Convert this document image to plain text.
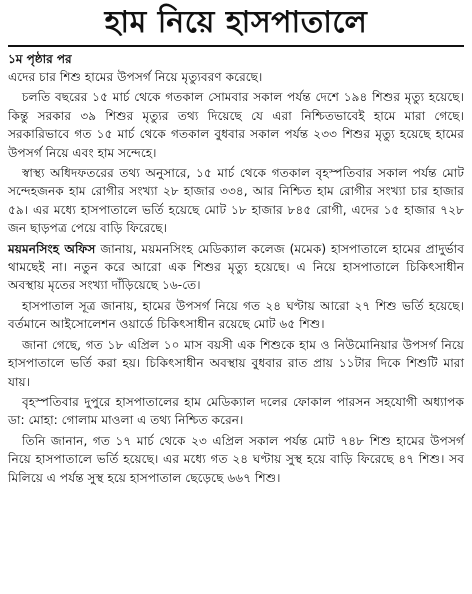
হাম নিয়ে হাসপাতালে
১ম পৃষ্ঠার পর

এদের চার শিশু হামের উপসর্গ নিয়ে মৃত্যুবরণ করেছে।

চলতি বছরের ১৫ মার্চ থেকে গতকাল সোমবার সকাল পর্যন্ত দেশে ১৯৪ শিশুর মৃত্যু হয়েছে। কিন্তু সরকার ৩৯ শিশুর মৃত্যুর তথ্য দিয়েছে যে এরা নিশ্চিতভাবেই হামে মারা গেছে। সরকারিভাবে গত ১৫ মার্চ থেকে গতকাল বুধবার সকাল পর্যন্ত ২৩৩ শিশুর মৃত্যু হয়েছে হামের উপসর্গ নিয়ে এবং হাম সন্দেহে।

স্বাস্থ্য অধিদফতরের তথ্য অনুসারে, ১৫ মার্চ থেকে গতকাল বৃহস্পতিবার সকাল পর্যন্ত মোট সন্দেহজনক হাম রোগীর সংখ্যা ২৮ হাজার ৩৩৪, আর নিশ্চিত হাম রোগীর সংখ্যা চার হাজার ৫৯। এর মধ্যে হাসপাতালে ভর্তি হয়েছে মোট ১৮ হাজার ৮৪৫ রোগী, এদের ১৫ হাজার ৭২৮ জন ছাড়পত্র পেয়ে বাড়ি ফিরেছে।

ময়মনসিংহ অফিস জানায়, ময়মনসিংহ মেডিক্যাল কলেজ (মমেক) হাসপাতালে হামের প্রাদুর্ভাব থামছেই না। নতুন করে আরো এক শিশুর মৃত্যু হয়েছে। এ নিয়ে হাসপাতালে চিকিৎসাধীন অবস্থায় মৃতের সংখ্যা দাঁড়িয়েছে ১৬-তে।

হাসপাতাল সূত্র জানায়, হামের উপসর্গ নিয়ে গত ২৪ ঘণ্টায় আরো ২৭ শিশু ভর্তি হয়েছে। বর্তমানে আইসোলেশন ওয়ার্ডে চিকিৎসাধীন রয়েছে মোট ৬৫ শিশু।

জানা গেছে, গত ১৮ এপ্রিল ১০ মাস বয়সী এক শিশুকে হাম ও নিউমোনিয়ার উপসর্গ নিয়ে হাসপাতালে ভর্তি করা হয়। চিকিৎসাধীন অবস্থায় বুধবার রাত প্রায় ১১টার দিকে শিশুটি মারা যায়।

বৃহস্পতিবার দুপুরে হাসপাতালের হাম মেডিক্যাল দলের ফোকাল পারসন সহযোগী অধ্যাপক ডা: মোহা: গোলাম মাওলা এ তথ্য নিশ্চিত করেন।

তিনি জানান, গত ১৭ মার্চ থেকে ২৩ এপ্রিল সকাল পর্যন্ত মোট ৭৪৮ শিশু হামের উপসর্গ নিয়ে হাসপাতালে ভর্তি হয়েছে। এর মধ্যে গত ২৪ ঘণ্টায় সুস্থ হয়ে বাড়ি ফিরেছে ৪৭ শিশু। সব মিলিয়ে এ পর্যন্ত সুস্থ হয়ে হাসপাতাল ছেড়েছে ৬৬৭ শিশু।
